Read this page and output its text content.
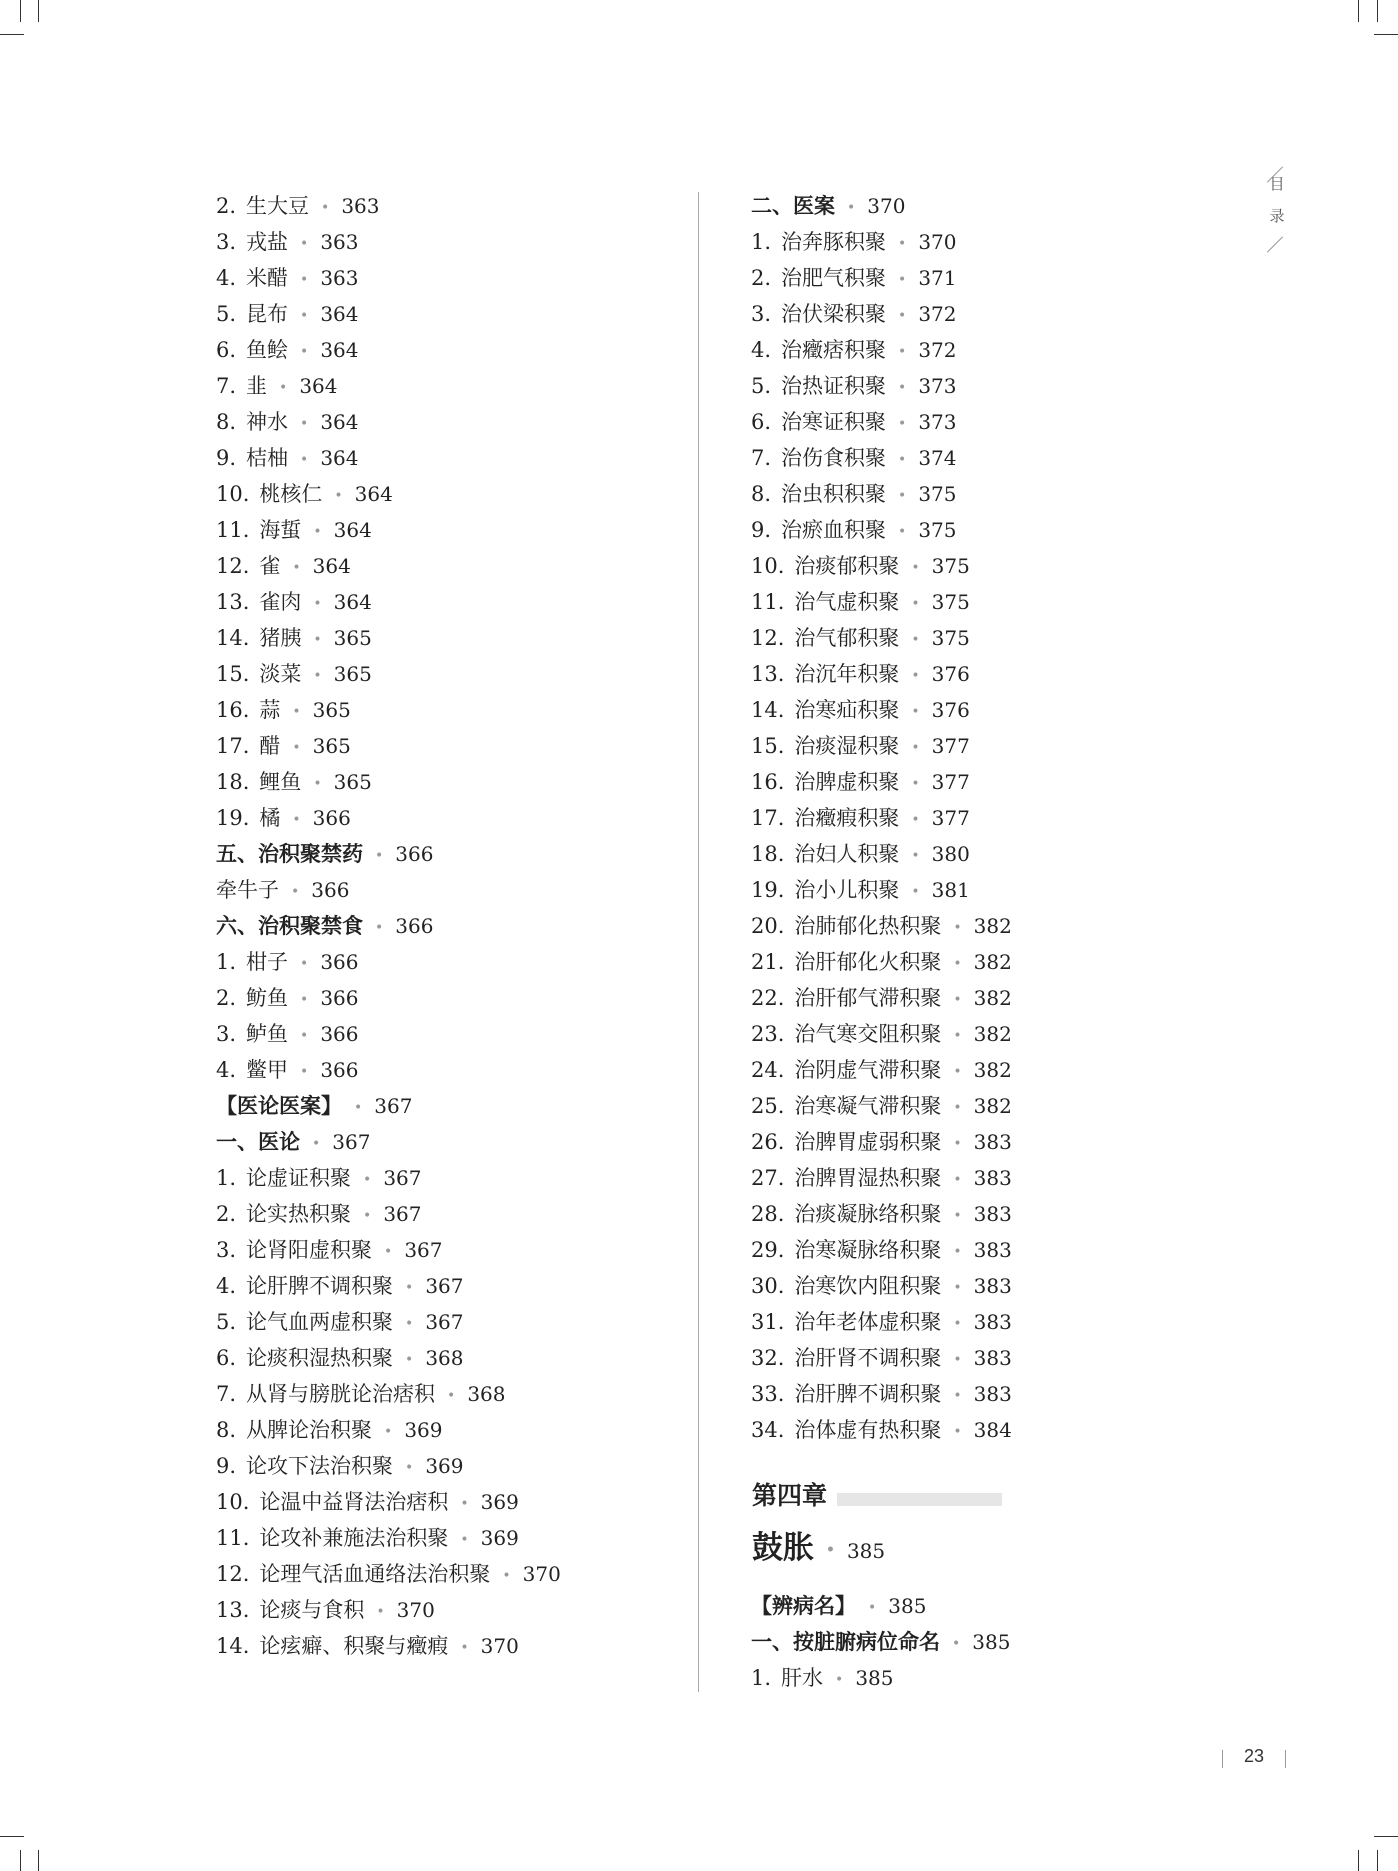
目
录
2. 生大豆 • 363
3. 戎盐 • 363
4. 米醋 • 363
5. 昆布 • 364
6. 鱼鲙 • 364
7. 韭 • 364
8. 神水 • 364
9. 桔柚 • 364
10. 桃核仁 • 364
11. 海蜇 • 364
12. 雀 • 364
13. 雀肉 • 364
14. 猪胰 • 365
15. 淡菜 • 365
16. 蒜 • 365
17. 醋 • 365
18. 鲤鱼 • 365
19. 橘 • 366
五、治积聚禁药 • 366
牵牛子 • 366
六、治积聚禁食 • 366
1. 柑子 • 366
2. 鲂鱼 • 366
3. 鲈鱼 • 366
4. 鳖甲 • 366
【医论医案】 • 367
一、医论 • 367
1. 论虚证积聚 • 367
2. 论实热积聚 • 367
3. 论肾阳虚积聚 • 367
4. 论肝脾不调积聚 • 367
5. 论气血两虚积聚 • 367
6. 论痰积湿热积聚 • 368
7. 从肾与膀胱论治痞积 • 368
8. 从脾论治积聚 • 369
9. 论攻下法治积聚 • 369
10. 论温中益肾法治痞积 • 369
11. 论攻补兼施法治积聚 • 369
12. 论理气活血通络法治积聚 • 370
13. 论痰与食积 • 370
14. 论痃癖、积聚与癥瘕 • 370
二、医案 • 370
1. 治奔豚积聚 • 370
2. 治肥气积聚 • 371
3. 治伏梁积聚 • 372
4. 治癥痞积聚 • 372
5. 治热证积聚 • 373
6. 治寒证积聚 • 373
7. 治伤食积聚 • 374
8. 治虫积积聚 • 375
9. 治瘀血积聚 • 375
10. 治痰郁积聚 • 375
11. 治气虚积聚 • 375
12. 治气郁积聚 • 375
13. 治沉年积聚 • 376
14. 治寒疝积聚 • 376
15. 治痰湿积聚 • 377
16. 治脾虚积聚 • 377
17. 治癥瘕积聚 • 377
18. 治妇人积聚 • 380
19. 治小儿积聚 • 381
20. 治肺郁化热积聚 • 382
21. 治肝郁化火积聚 • 382
22. 治肝郁气滞积聚 • 382
23. 治气寒交阻积聚 • 382
24. 治阴虚气滞积聚 • 382
25. 治寒凝气滞积聚 • 382
26. 治脾胃虚弱积聚 • 383
27. 治脾胃湿热积聚 • 383
28. 治痰凝脉络积聚 • 383
29. 治寒凝脉络积聚 • 383
30. 治寒饮内阻积聚 • 383
31. 治年老体虚积聚 • 383
32. 治肝肾不调积聚 • 383
33. 治肝脾不调积聚 • 383
34. 治体虚有热积聚 • 384
第四章
鼓胀 • 385
【辨病名】 • 385
一、按脏腑病位命名 • 385
1. 肝水 • 385
23
